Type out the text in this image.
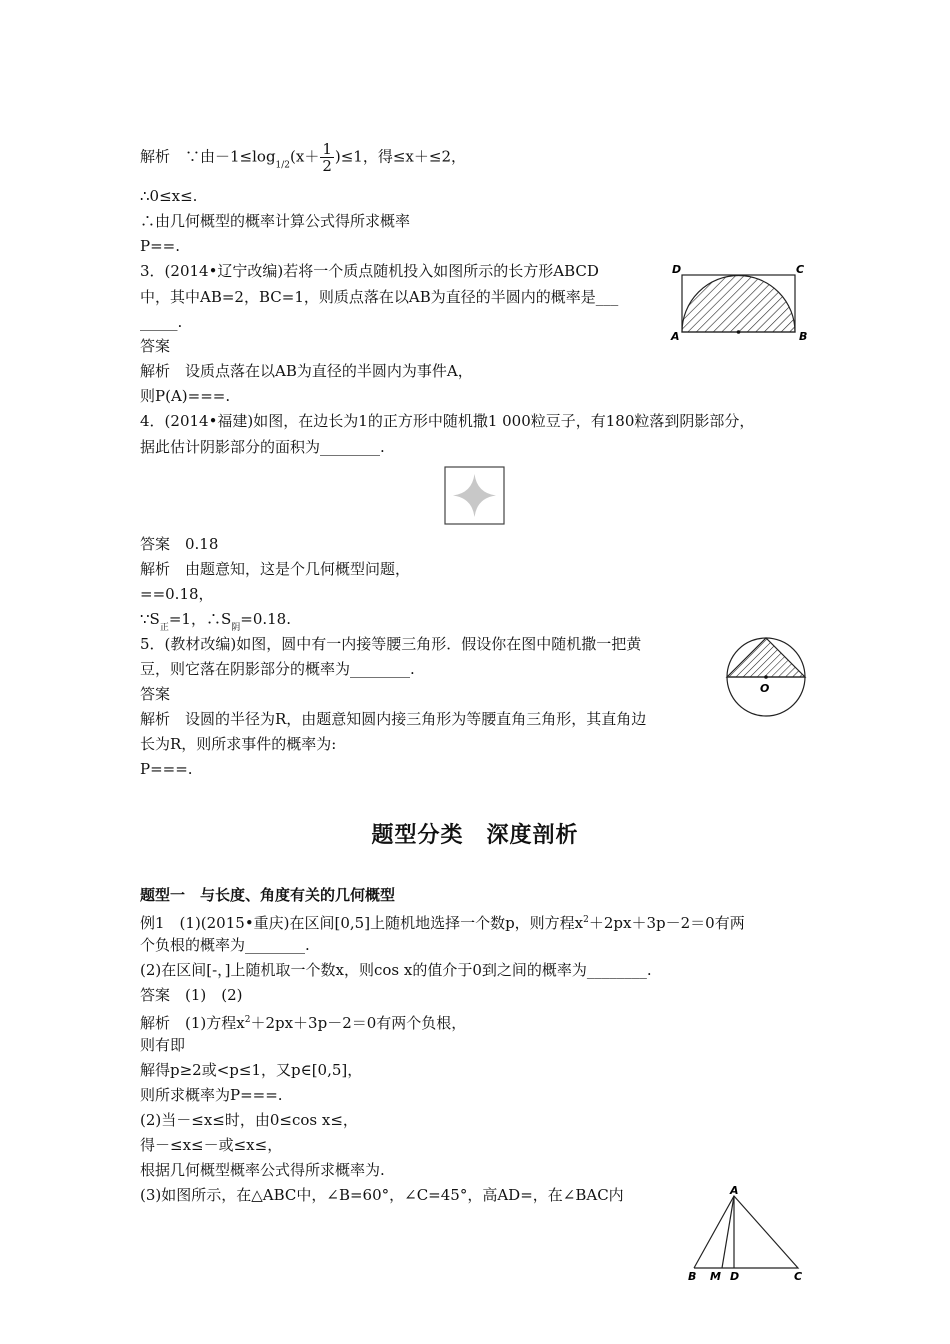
解析　∵由$-1\le\log_{1/2}(x+ \frac{1}{2} )\le 1$，得≤x＋≤2，
∴0≤x≤.
∴由几何概型的概率计算公式得所求概率
P==.
3．(2014•辽宁改编)若将一个质点随机投入如图所示的长方形ABCD
中，其中AB=2，BC=1，则质点落在以AB为直径的半圆内的概率是___
_____.
答案
解析　设质点落在以AB为直径的半圆内为事件A，
则P(A)===.
4．(2014•福建)如图，在边长为1的正方形中随机撒1 000粒豆子，有180粒落到阴影部分，
据此估计阴影部分的面积为________.
答案　0.18
解析　由题意知，这是个几何概型问题，
==0.18，
$\because S_正=1$，$\therefore S_阴=0.18$.
5．(教材改编)如图，圆中有一内接等腰三角形．假设你在图中随机撒一把黄
豆，则它落在阴影部分的概率为________.
答案
解析　设圆的半径为R，由题意知圆内接三角形为等腰直角三角形，其直角边
长为R，则所求事件的概率为:
P===.
题型分类　深度剖析
题型一　与长度、角度有关的几何概型
例1　(1)(2015•重庆)在区间[0,5]上随机地选择一个数p，则方程$x^2+2px+3p-2=0$有两
个负根的概率为________.
(2)在区间[-，]上随机取一个数x，则cos x的值介于0到之间的概率为________.
答案　(1)　(2)
解析　(1)方程$x^2+2px+3p-2=0$有两个负根，
则有即
解得p≥2或<p≤1，又p∈[0,5]，
则所求概率为P===.
(2)当－≤x≤时，由0≤cos x≤，
得－≤x≤－或≤x≤，
根据几何概型概率公式得所求概率为.
(3)如图所示，在△ABC中，∠B=60°，∠C=45°，高AD=，在∠BAC内
D	C
A	B
O
A
B M D	C
